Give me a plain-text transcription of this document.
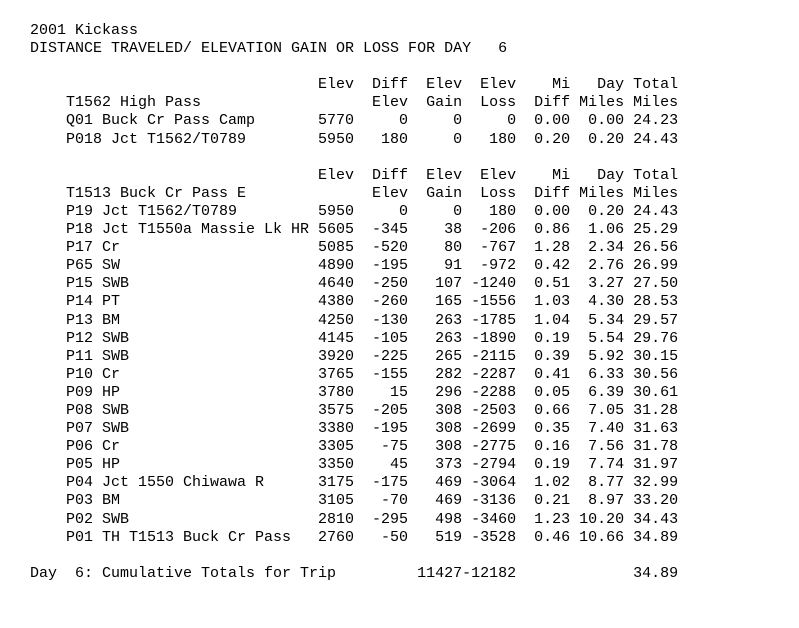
2001 Kickass
DISTANCE TRAVELED/ ELEVATION GAIN OR LOSS FOR DAY   6
Elev  Diff  Elev  Elev    Mi   Day Total
T1562 High Pass                   Elev  Gain  Loss  Diff Miles Miles
Q01 Buck Cr Pass Camp       5770     0     0     0  0.00  0.00 24.23
P018 Jct T1562/T0789        5950   180     0   180  0.20  0.20 24.43
Elev  Diff  Elev  Elev    Mi   Day Total
T1513 Buck Cr Pass E              Elev  Gain  Loss  Diff Miles Miles
P19 Jct T1562/T0789         5950     0     0   180  0.00  0.20 24.43
P18 Jct T1550a Massie Lk HR 5605  -345    38  -206  0.86  1.06 25.29
P17 Cr                      5085  -520    80  -767  1.28  2.34 26.56
P65 SW                      4890  -195    91  -972  0.42  2.76 26.99
P15 SWB                     4640  -250   107 -1240  0.51  3.27 27.50
P14 PT                      4380  -260   165 -1556  1.03  4.30 28.53
P13 BM                      4250  -130   263 -1785  1.04  5.34 29.57
P12 SWB                     4145  -105   263 -1890  0.19  5.54 29.76
P11 SWB                     3920  -225   265 -2115  0.39  5.92 30.15
P10 Cr                      3765  -155   282 -2287  0.41  6.33 30.56
P09 HP                      3780    15   296 -2288  0.05  6.39 30.61
P08 SWB                     3575  -205   308 -2503  0.66  7.05 31.28
P07 SWB                     3380  -195   308 -2699  0.35  7.40 31.63
P06 Cr                      3305   -75   308 -2775  0.16  7.56 31.78
P05 HP                      3350    45   373 -2794  0.19  7.74 31.97
P04 Jct 1550 Chiwawa R      3175  -175   469 -3064  1.02  8.77 32.99
P03 BM                      3105   -70   469 -3136  0.21  8.97 33.20
P02 SWB                     2810  -295   498 -3460  1.23 10.20 34.43
P01 TH T1513 Buck Cr Pass   2760   -50   519 -3528  0.46 10.66 34.89
Day  6: Cumulative Totals for Trip         11427-12182             34.89
